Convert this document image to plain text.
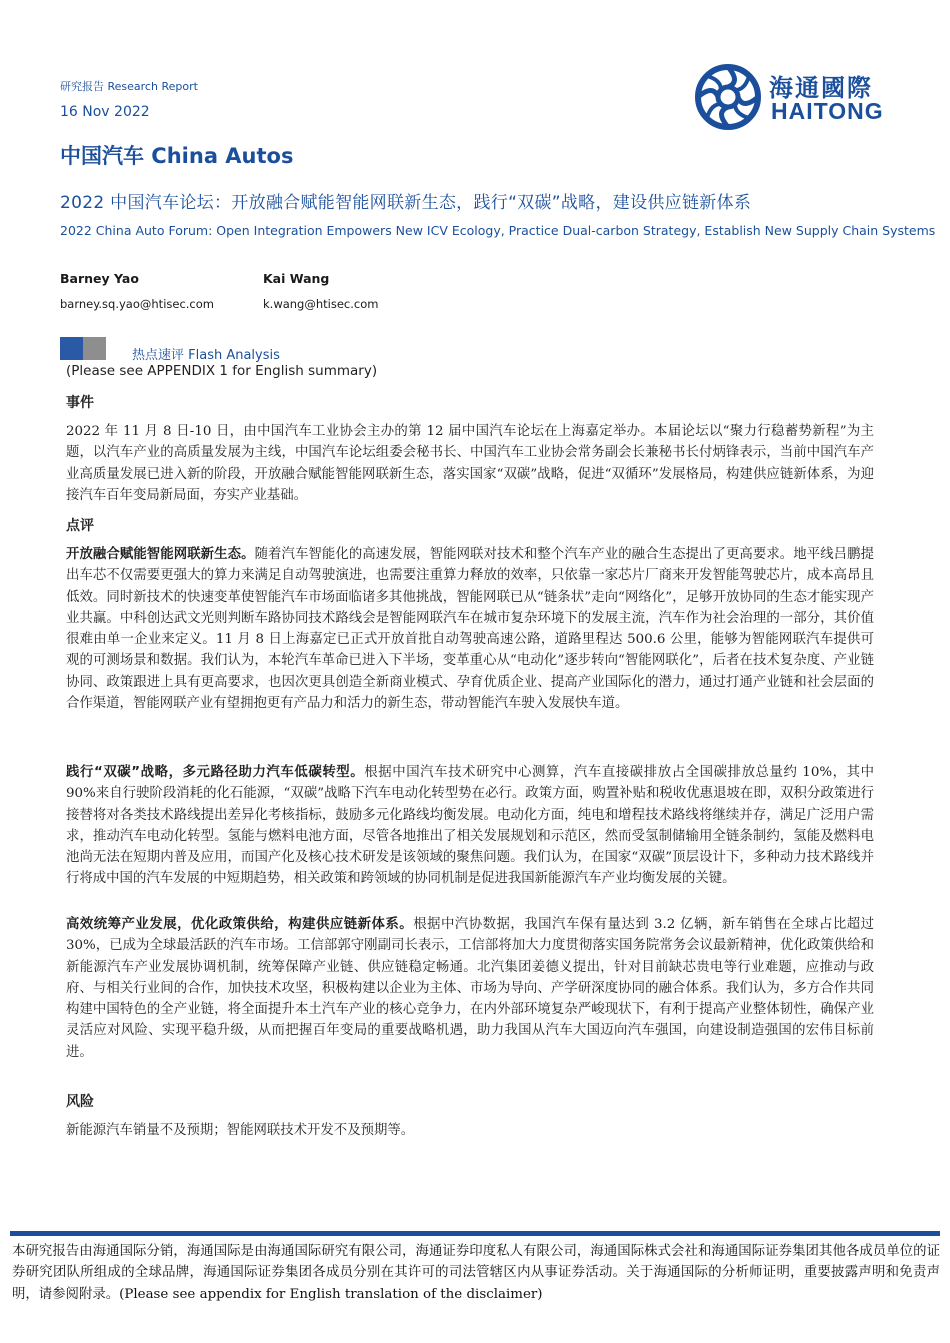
研究报告 Research Report
16 Nov 2022
海通國際
HAITONG
中国汽车 China Autos
2022 中国汽车论坛：开放融合赋能智能网联新生态，践行“双碳”战略，建设供应链新体系
2022 China Auto Forum: Open Integration Empowers New ICV Ecology, Practice Dual-carbon Strategy, Establish New Supply Chain Systems
Barney Yao
barney.sq.yao@htisec.com
Kai Wang
k.wang@htisec.com
热点速评 Flash Analysis
(Please see APPENDIX 1 for English summary)
事件
2022 年 11 月 8 日-10 日，由中国汽车工业协会主办的第 12 届中国汽车论坛在上海嘉定举办。本届论坛以“聚力行稳蓄势新程”为主题，以汽车产业的高质量发展为主线，中国汽车论坛组委会秘书长、中国汽车工业协会常务副会长兼秘书长付炳锋表示，当前中国汽车产业高质量发展已进入新的阶段，开放融合赋能智能网联新生态，落实国家“双碳”战略，促进“双循环”发展格局，构建供应链新体系，为迎接汽车百年变局新局面，夯实产业基础。
点评
开放融合赋能智能网联新生态。随着汽车智能化的高速发展，智能网联对技术和整个汽车产业的融合生态提出了更高要求。地平线吕鹏提出车芯不仅需要更强大的算力来满足自动驾驶演进，也需要注重算力释放的效率，只依靠一家芯片厂商来开发智能驾驶芯片，成本高昂且低效。同时新技术的快速变革使智能汽车市场面临诸多其他挑战，智能网联已从“链条状”走向“网络化”，足够开放协同的生态才能实现产业共赢。中科创达武文光则判断车路协同技术路线会是智能网联汽车在城市复杂环境下的发展主流，汽车作为社会治理的一部分，其价值很难由单一企业来定义。11 月 8 日上海嘉定已正式开放首批自动驾驶高速公路，道路里程达 500.6 公里，能够为智能网联汽车提供可观的可测场景和数据。我们认为，本轮汽车革命已进入下半场，变革重心从“电动化”逐步转向“智能网联化”，后者在技术复杂度、产业链协同、政策跟进上具有更高要求，也因次更具创造全新商业模式、孕育优质企业、提高产业国际化的潜力，通过打通产业链和社会层面的合作渠道，智能网联产业有望拥抱更有产品力和活力的新生态，带动智能汽车驶入发展快车道。
践行“双碳”战略，多元路径助力汽车低碳转型。根据中国汽车技术研究中心测算，汽车直接碳排放占全国碳排放总量约 10%，其中 90%来自行驶阶段消耗的化石能源，“双碳”战略下汽车电动化转型势在必行。政策方面，购置补贴和税收优惠退坡在即，双积分政策进行接替将对各类技术路线提出差异化考核指标，鼓励多元化路线均衡发展。电动化方面，纯电和增程技术路线将继续并存，满足广泛用户需求，推动汽车电动化转型。氢能与燃料电池方面，尽管各地推出了相关发展规划和示范区，然而受氢制储输用全链条制约，氢能及燃料电池尚无法在短期内普及应用，而国产化及核心技术研发是该领域的聚焦问题。我们认为，在国家“双碳”顶层设计下，多种动力技术路线并行将成中国的汽车发展的中短期趋势，相关政策和跨领域的协同机制是促进我国新能源汽车产业均衡发展的关键。
高效统筹产业发展，优化政策供给，构建供应链新体系。根据中汽协数据，我国汽车保有量达到 3.2 亿辆，新车销售在全球占比超过 30%，已成为全球最活跃的汽车市场。工信部郭守刚副司长表示，工信部将加大力度贯彻落实国务院常务会议最新精神，优化政策供给和新能源汽车产业发展协调机制，统筹保障产业链、供应链稳定畅通。北汽集团姜德义提出，针对目前缺芯贵电等行业难题，应推动与政府、与相关行业间的合作，加快技术攻坚，积极构建以企业为主体、市场为导向、产学研深度协同的融合体系。我们认为，多方合作共同构建中国特色的全产业链，将全面提升本土汽车产业的核心竞争力，在内外部环境复杂严峻现状下，有利于提高产业整体韧性，确保产业灵活应对风险、实现平稳升级，从而把握百年变局的重要战略机遇，助力我国从汽车大国迈向汽车强国，向建设制造强国的宏伟目标前进。
风险
新能源汽车销量不及预期；智能网联技术开发不及预期等。
本研究报告由海通国际分销，海通国际是由海通国际研究有限公司，海通证券印度私人有限公司，海通国际株式会社和海通国际证券集团其他各成员单位的证券研究团队所组成的全球品牌，海通国际证券集团各成员分别在其许可的司法管辖区内从事证券活动。关于海通国际的分析师证明，重要披露声明和免责声明，请参阅附录。(Please see appendix for English translation of the disclaimer)
